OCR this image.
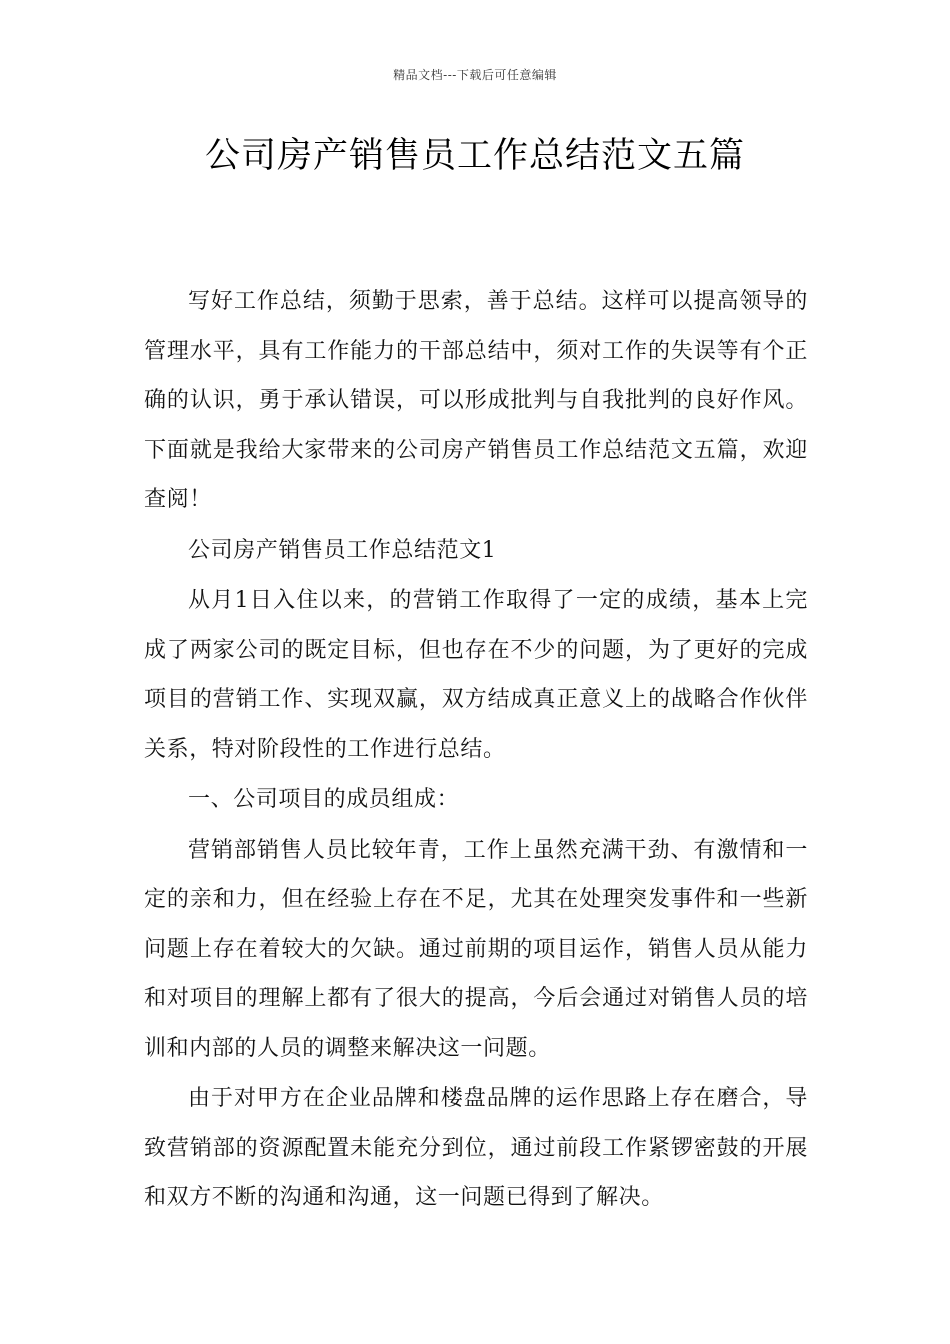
精品文档---下载后可任意编辑
公司房产销售员工作总结范文五篇

写好工作总结，须勤于思索，善于总结。这样可以提高领导的管理水平，具有工作能力的干部总结中，须对工作的失误等有个正确的认识，勇于承认错误，可以形成批判与自我批判的良好作风。下面就是我给大家带来的公司房产销售员工作总结范文五篇，欢迎查阅！

公司房产销售员工作总结范文1

从月1日入住以来，的营销工作取得了一定的成绩，基本上完成了两家公司的既定目标，但也存在不少的问题，为了更好的完成项目的营销工作、实现双赢，双方结成真正意义上的战略合作伙伴关系，特对阶段性的工作进行总结。

一、公司项目的成员组成：

营销部销售人员比较年青，工作上虽然充满干劲、有激情和一定的亲和力，但在经验上存在不足，尤其在处理突发事件和一些新问题上存在着较大的欠缺。通过前期的项目运作，销售人员从能力和对项目的理解上都有了很大的提高，今后会通过对销售人员的培训和内部的人员的调整来解决这一问题。

由于对甲方在企业品牌和楼盘品牌的运作思路上存在磨合，导致营销部的资源配置未能充分到位，通过前段工作紧锣密鼓的开展和双方不断的沟通和沟通，这一问题已得到了解决。
